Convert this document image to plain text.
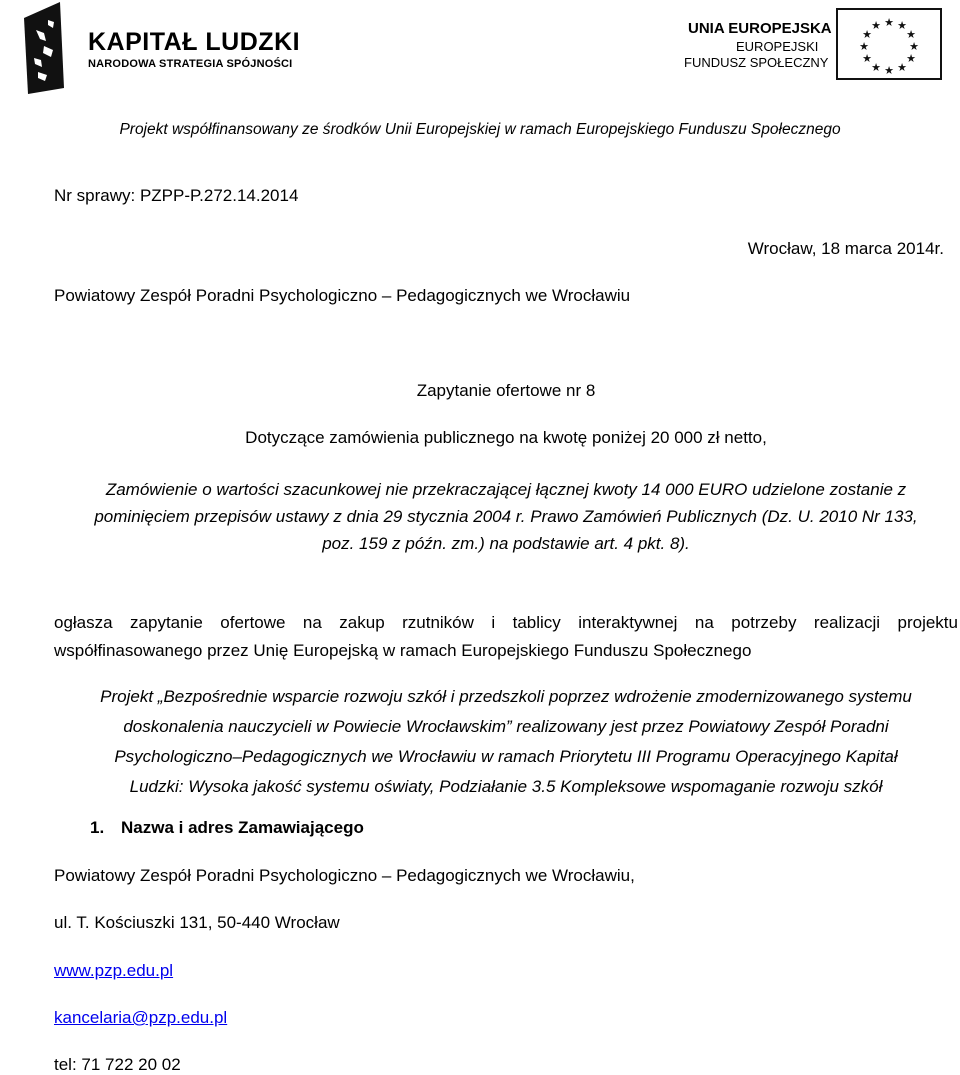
KAPITAŁ LUDZKI
NARODOWA STRATEGIA SPÓJNOŚCI
UNIA EUROPEJSKA
EUROPEJSKI
FUNDUSZ SPOŁECZNY
★ ★
★
★
★
★
★
★
★
★
★
★
Projekt współfinansowany ze środków Unii Europejskiej w ramach Europejskiego Funduszu Społecznego
Nr sprawy: PZPP-P.272.14.2014
Wrocław, 18 marca 2014r.
Powiatowy Zespół Poradni Psychologiczno – Pedagogicznych we Wrocławiu
Zapytanie ofertowe nr 8
Dotyczące zamówienia publicznego na kwotę poniżej 20 000 zł netto,
Zamówienie o wartości szacunkowej nie przekraczającej łącznej kwoty 14 000 EURO udzielone zostanie z
pominięciem przepisów ustawy z dnia 29 stycznia 2004 r. Prawo Zamówień Publicznych (Dz. U. 2010 Nr 133,
poz. 159 z późn. zm.) na podstawie art. 4 pkt. 8).
ogłasza zapytanie ofertowe na zakup rzutników i tablicy interaktywnej na potrzeby realizacji projektu
współfinasowanego przez Unię Europejską w ramach Europejskiego Funduszu Społecznego
Projekt „Bezpośrednie wsparcie rozwoju szkół i przedszkoli poprzez wdrożenie zmodernizowanego systemu
doskonalenia nauczycieli w Powiecie Wrocławskim” realizowany jest przez Powiatowy Zespół Poradni
Psychologiczno–Pedagogicznych we Wrocławiu w ramach Priorytetu III Programu Operacyjnego Kapitał
Ludzki: Wysoka jakość systemu oświaty, Podziałanie 3.5 Kompleksowe wspomaganie rozwoju szkół
1. Nazwa i adres Zamawiającego
Powiatowy Zespół Poradni Psychologiczno – Pedagogicznych we Wrocławiu,
ul. T. Kościuszki 131, 50-440 Wrocław
www.pzp.edu.pl
kancelaria@pzp.edu.pl
tel: 71 722 20 02
